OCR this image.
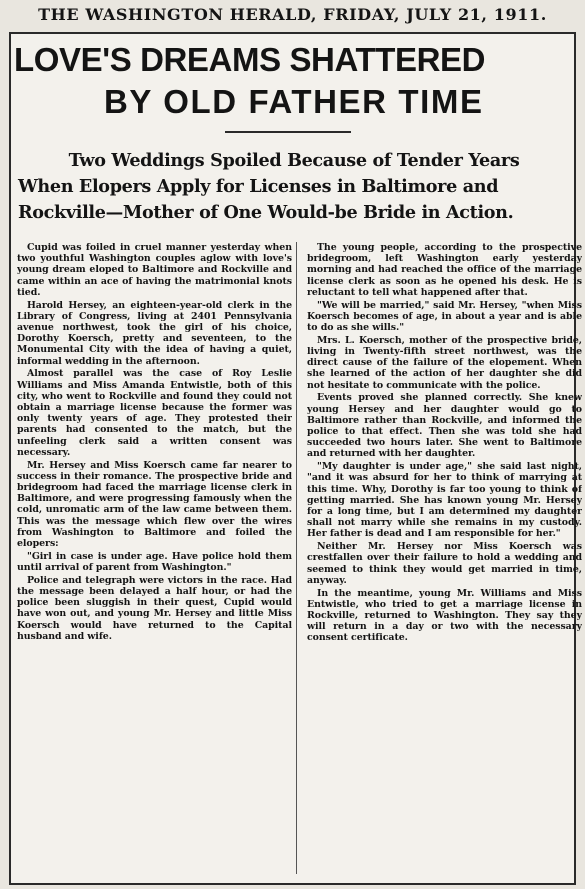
THE WASHINGTON HERALD, FRIDAY, JULY 21, 1911.
LOVE'S DREAMS SHATTERED
BY OLD FATHER TIME
Two Weddings Spoiled Because of Tender Years
When Elopers Apply for Licenses in Baltimore and
Rockville—Mother of One Would-be Bride in Action.

Cupid was foiled in cruel manner yesterday when two youthful Washington couples aglow with love's young dream eloped to Baltimore and Rockville and came within an ace of having the matrimonial knots tied.

Harold Hersey, an eighteen-year-old clerk in the Library of Congress, living at 2401 Pennsylvania avenue northwest, took the girl of his choice, Dorothy Koersch, pretty and seventeen, to the Monumental City with the idea of having a quiet, informal wedding in the afternoon.

Almost parallel was the case of Roy Leslie Williams and Miss Amanda Entwistle, both of this city, who went to Rockville and found they could not obtain a marriage license because the former was only twenty years of age. They protested their parents had consented to the match, but the unfeeling clerk said a written consent was necessary.

Mr. Hersey and Miss Koersch came far nearer to success in their romance. The prospective bride and bridegroom had faced the marriage license clerk in Baltimore, and were progressing famously when the cold, unromatic arm of the law came between them. This was the message which flew over the wires from Washington to Baltimore and foiled the elopers:

"Girl in case is under age. Have police hold them until arrival of parent from Washington."

Police and telegraph were victors in the race. Had the message been delayed a half hour, or had the police been sluggish in their quest, Cupid would have won out, and young Mr. Hersey and little Miss Koersch would have returned to the Capital husband and wife.

The young people, according to the prospective bridegroom, left Washington early yesterday morning and had reached the office of the marriage license clerk as soon as he opened his desk. He is reluctant to tell what happened after that.

"We will be married," said Mr. Hersey, "when Miss Koersch becomes of age, in about a year and is able to do as she wills."

Mrs. L. Koersch, mother of the prospective bride, living in Twenty-fifth street northwest, was the direct cause of the failure of the elopement. When she learned of the action of her daughter she did not hesitate to communicate with the police.

Events proved she planned correctly. She knew young Hersey and her daughter would go to Baltimore rather than Rockville, and informed the police to that effect. Then she was told she had succeeded two hours later. She went to Baltimore and returned with her daughter.

"My daughter is under age," she said last night, "and it was absurd for her to think of marrying at this time. Why, Dorothy is far too young to think of getting married. She has known young Mr. Hersey for a long time, but I am determined my daughter shall not marry while she remains in my custody. Her father is dead and I am responsible for her."

Neither Mr. Hersey nor Miss Koersch was crestfallen over their failure to hold a wedding and seemed to think they would get married in time, anyway.

In the meantime, young Mr. Williams and Miss Entwistle, who tried to get a marriage license in Rockville, returned to Washington. They say they will return in a day or two with the necessary consent certificate.
